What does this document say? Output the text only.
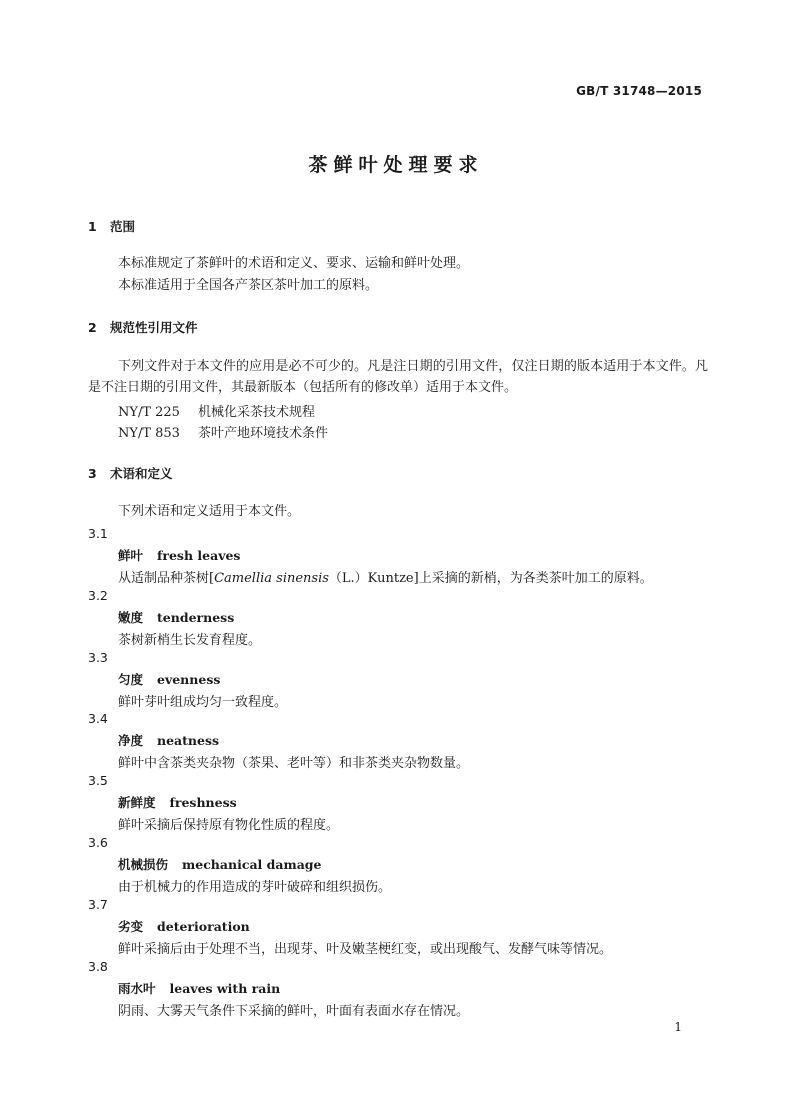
GB/T 31748—2015
茶鲜叶处理要求
1 范围
本标准规定了茶鲜叶的术语和定义、要求、运输和鲜叶处理。
本标准适用于全国各产茶区茶叶加工的原料。
2 规范性引用文件
下列文件对于本文件的应用是必不可少的。凡是注日期的引用文件，仅注日期的版本适用于本文件。凡是不注日期的引用文件，其最新版本（包括所有的修改单）适用于本文件。
NY/T 225 机械化采茶技术规程
NY/T 853 茶叶产地环境技术条件
3 术语和定义
下列术语和定义适用于本文件。
3.1
鲜叶 fresh leaves
从适制品种茶树[Camellia sinensis（L.）Kuntze]上采摘的新梢，为各类茶叶加工的原料。
3.2
嫩度 tenderness
茶树新梢生长发育程度。
3.3
匀度 evenness
鲜叶芽叶组成均匀一致程度。
3.4
净度 neatness
鲜叶中含茶类夹杂物（茶果、老叶等）和非茶类夹杂物数量。
3.5
新鲜度 freshness
鲜叶采摘后保持原有物化性质的程度。
3.6
机械损伤 mechanical damage
由于机械力的作用造成的芽叶破碎和组织损伤。
3.7
劣变 deterioration
鲜叶采摘后由于处理不当，出现芽、叶及嫩茎梗红变，或出现酸气、发酵气味等情况。
3.8
雨水叶 leaves with rain
阴雨、大雾天气条件下采摘的鲜叶，叶面有表面水存在情况。
1
